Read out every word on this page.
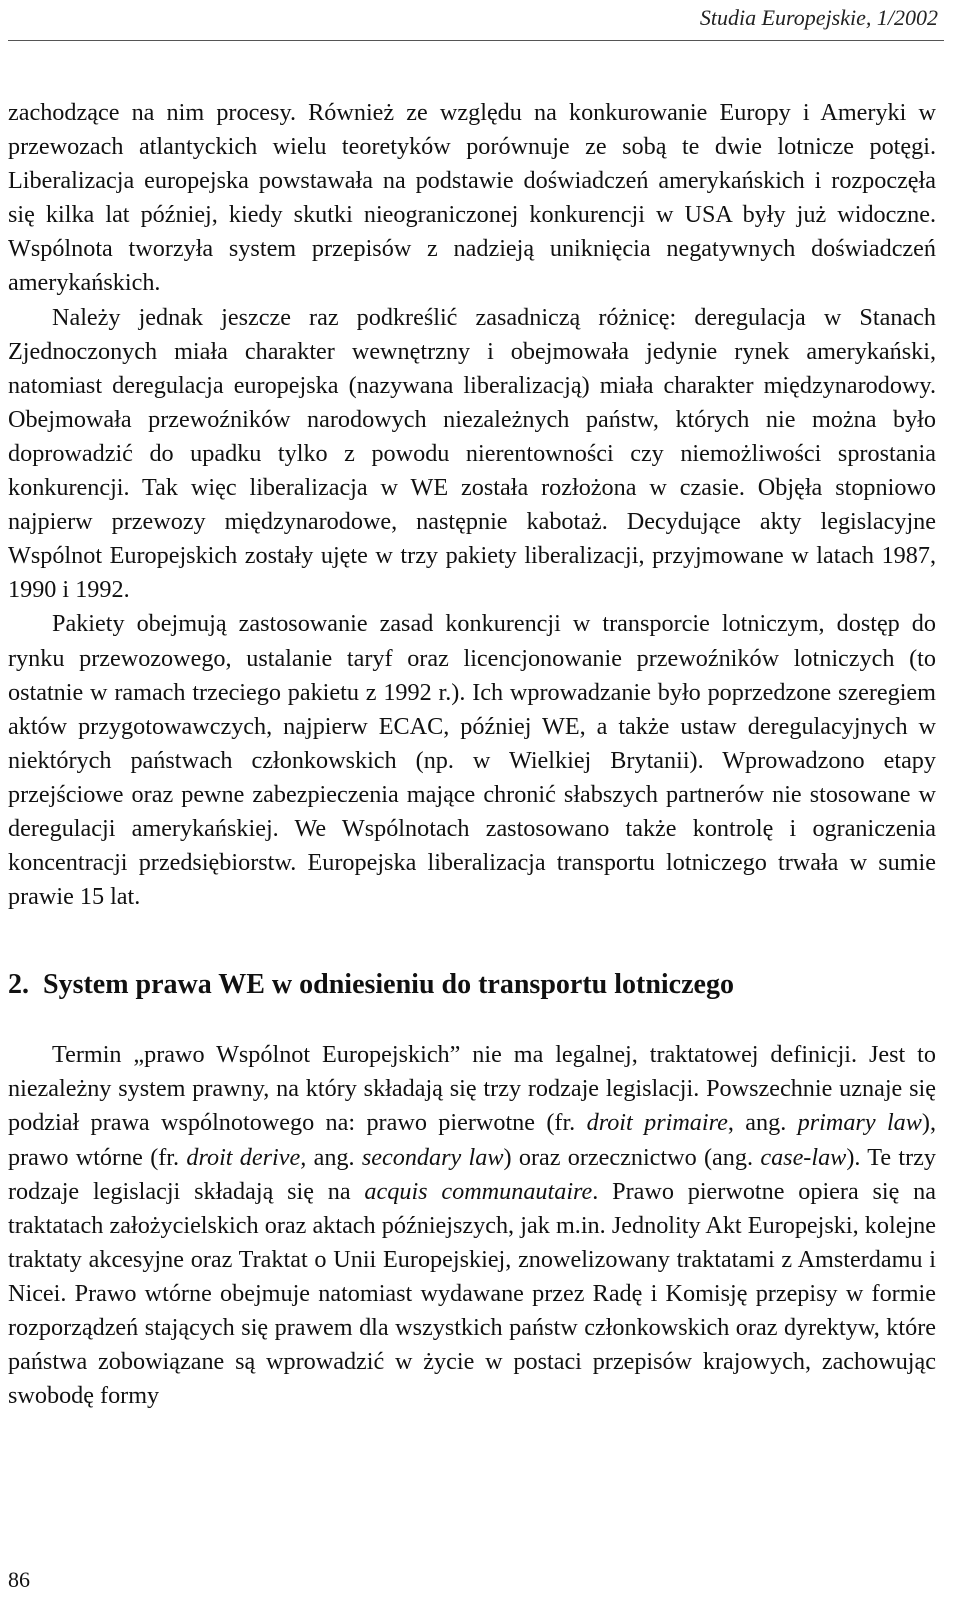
Studia Europejskie, 1/2002

zachodzące na nim procesy. Również ze względu na konkurowanie Europy i Ameryki w przewozach atlantyckich wielu teoretyków porównuje ze sobą te dwie lotnicze potęgi. Liberalizacja europejska powstawała na podstawie doświadczeń amerykańskich i rozpoczęła się kilka lat później, kiedy skutki nieograniczonej konkurencji w USA były już widoczne. Wspólnota tworzyła system przepisów z nadzieją uniknięcia negatywnych doświadczeń amerykańskich.

Należy jednak jeszcze raz podkreślić zasadniczą różnicę: deregulacja w Stanach Zjednoczonych miała charakter wewnętrzny i obejmowała jedynie rynek amerykański, natomiast deregulacja europejska (nazywana liberalizacją) miała charakter międzynarodowy. Obejmowała przewoźników narodowych niezależnych państw, których nie można było doprowadzić do upadku tylko z powodu nierentowności czy niemożliwości sprostania konkurencji. Tak więc liberalizacja w WE została rozłożona w czasie. Objęła stopniowo najpierw przewozy międzynarodowe, następnie kabotaż. Decydujące akty legislacyjne Wspólnot Europejskich zostały ujęte w trzy pakiety liberalizacji, przyjmowane w latach 1987, 1990 i 1992.

Pakiety obejmują zastosowanie zasad konkurencji w transporcie lotniczym, dostęp do rynku przewozowego, ustalanie taryf oraz licencjonowanie przewoźników lotniczych (to ostatnie w ramach trzeciego pakietu z 1992 r.). Ich wprowadzanie było poprzedzone szeregiem aktów przygotowawczych, najpierw ECAC, później WE, a także ustaw deregulacyjnych w niektórych państwach członkowskich (np. w Wielkiej Brytanii). Wprowadzono etapy przejściowe oraz pewne zabezpieczenia mające chronić słabszych partnerów nie stosowane w deregulacji amerykańskiej. We Wspólnotach zastosowano także kontrolę i ograniczenia koncentracji przedsiębiorstw. Europejska liberalizacja transportu lotniczego trwała w sumie prawie 15 lat.

2. System prawa WE w odniesieniu do transportu lotniczego

Termin „prawo Wspólnot Europejskich” nie ma legalnej, traktatowej definicji. Jest to niezależny system prawny, na który składają się trzy rodzaje legislacji. Powszechnie uznaje się podział prawa wspólnotowego na: prawo pierwotne (fr. droit primaire, ang. primary law), prawo wtórne (fr. droit derive, ang. secondary law) oraz orzecznictwo (ang. case-law). Te trzy rodzaje legislacji składają się na acquis communautaire. Prawo pierwotne opiera się na traktatach założycielskich oraz aktach późniejszych, jak m.in. Jednolity Akt Europejski, kolejne traktaty akcesyjne oraz Traktat o Unii Europejskiej, znowelizowany traktatami z Amsterdamu i Nicei. Prawo wtórne obejmuje natomiast wydawane przez Radę i Komisję przepisy w formie rozporządzeń stających się prawem dla wszystkich państw członkowskich oraz dyrektyw, które państwa zobowiązane są wprowadzić w życie w postaci przepisów krajowych, zachowując swobodę formy

86
